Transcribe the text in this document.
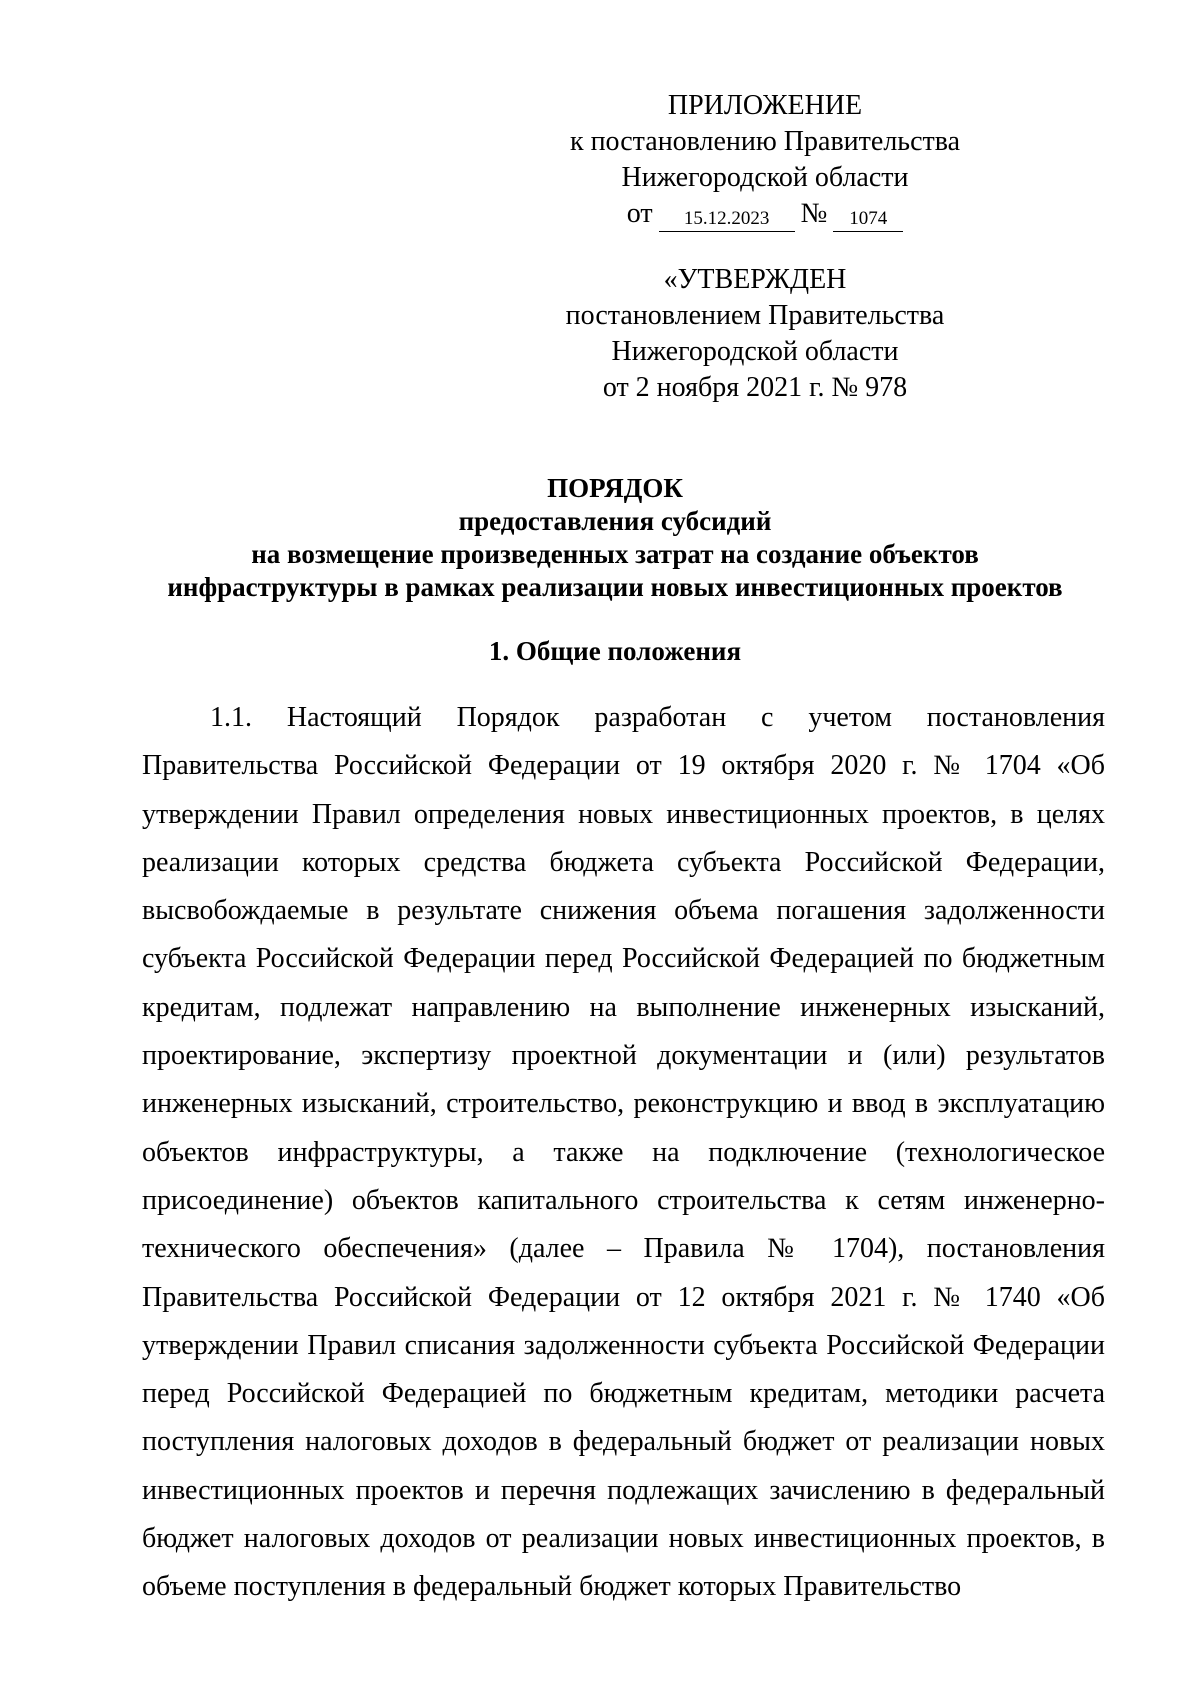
ПРИЛОЖЕНИЕ
к постановлению Правительства
Нижегородской области
от	15.12.2023	№	1074
«УТВЕРЖДЕН
постановлением Правительства
Нижегородской области
от 2 ноября 2021 г. № 978
ПОРЯДОК
предоставления субсидий
на возмещение произведенных затрат на создание объектов
инфраструктуры в рамках реализации новых инвестиционных проектов
1. Общие положения

1.1. Настоящий Порядок разработан с учетом постановления Правительства Российской Федерации от 19 октября 2020 г. № 1704 «Об утверждении Правил определения новых инвестиционных проектов, в целях реализации которых средства бюджета субъекта Российской Федерации, высвобождаемые в результате снижения объема погашения задолженности субъекта Российской Федерации перед Российской Федерацией по бюджетным кредитам, подлежат направлению на выполнение инженерных изысканий, проектирование, экспертизу проектной документации и (или) результатов инженерных изысканий, строительство, реконструкцию и ввод в эксплуатацию объектов инфраструктуры, а также на подключение (технологическое присоединение) объектов капитального строительства к сетям инженерно-технического обеспечения» (далее – Правила № 1704), постановления Правительства Российской Федерации от 12 октября 2021 г. № 1740 «Об утверждении Правил списания задолженности субъекта Российской Федерации перед Российской Федерацией по бюджетным кредитам, методики расчета поступления налоговых доходов в федеральный бюджет от реализации новых инвестиционных проектов и перечня подлежащих зачислению в федеральный бюджет налоговых доходов от реализации новых инвестиционных проектов, в объеме поступления в федеральный бюджет которых Правительство
